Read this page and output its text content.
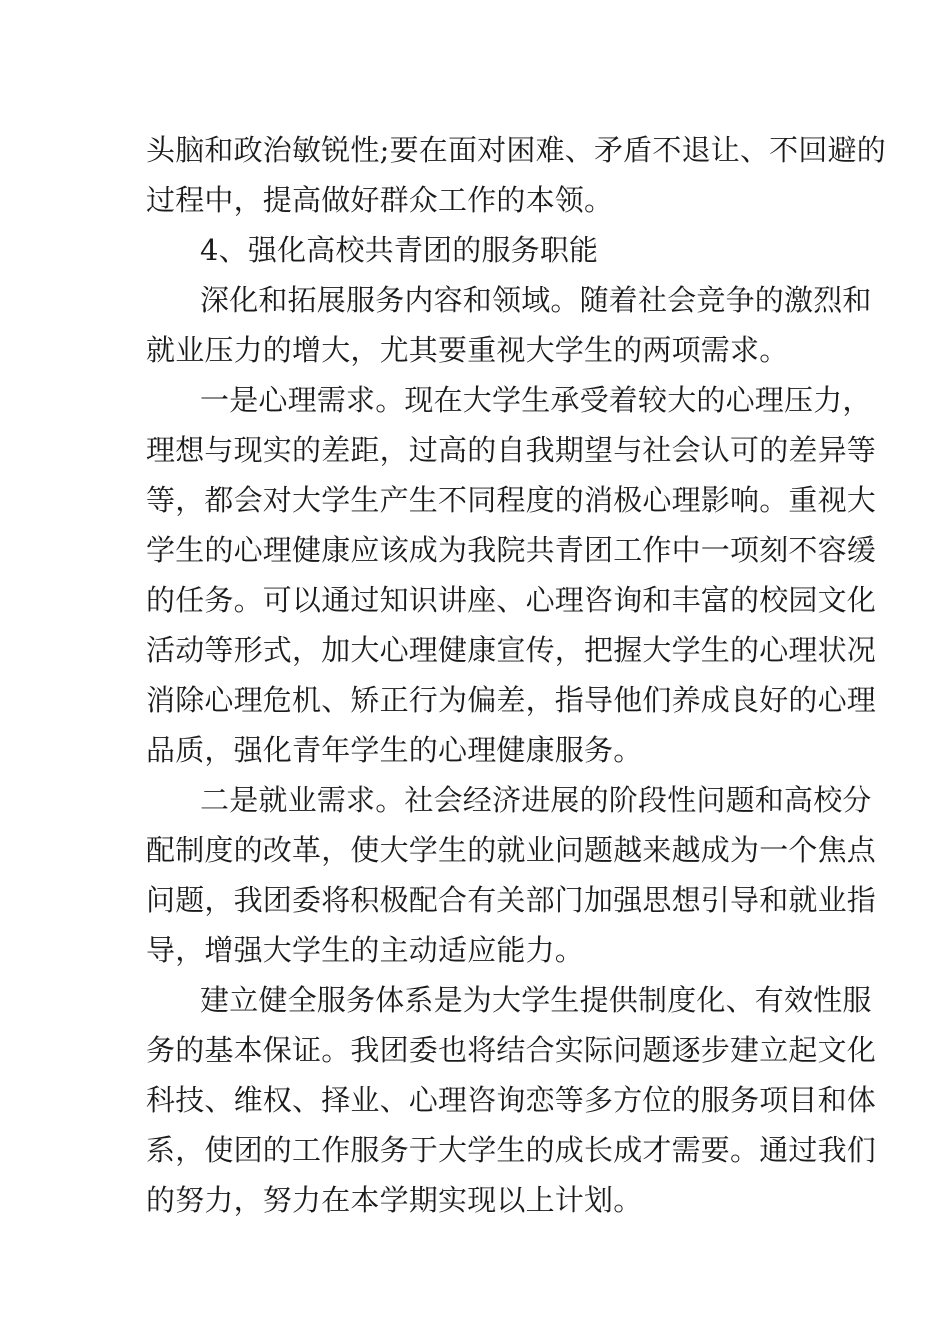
头脑和政治敏锐性;要在面对困难、矛盾不退让、不回避的

过程中，提高做好群众工作的本领。

4、强化高校共青团的服务职能

深化和拓展服务内容和领域。随着社会竞争的激烈和

就业压力的增大，尤其要重视大学生的两项需求。

一是心理需求。现在大学生承受着较大的心理压力，

理想与现实的差距，过高的自我期望与社会认可的差异等

等，都会对大学生产生不同程度的消极心理影响。重视大

学生的心理健康应该成为我院共青团工作中一项刻不容缓

的任务。可以通过知识讲座、心理咨询和丰富的校园文化

活动等形式，加大心理健康宣传，把握大学生的心理状况

消除心理危机、矫正行为偏差，指导他们养成良好的心理

品质，强化青年学生的心理健康服务。

二是就业需求。社会经济进展的阶段性问题和高校分

配制度的改革，使大学生的就业问题越来越成为一个焦点

问题，我团委将积极配合有关部门加强思想引导和就业指

导，增强大学生的主动适应能力。

建立健全服务体系是为大学生提供制度化、有效性服

务的基本保证。我团委也将结合实际问题逐步建立起文化

科技、维权、择业、心理咨询恋等多方位的服务项目和体

系，使团的工作服务于大学生的成长成才需要。通过我们

的努力，努力在本学期实现以上计划。
